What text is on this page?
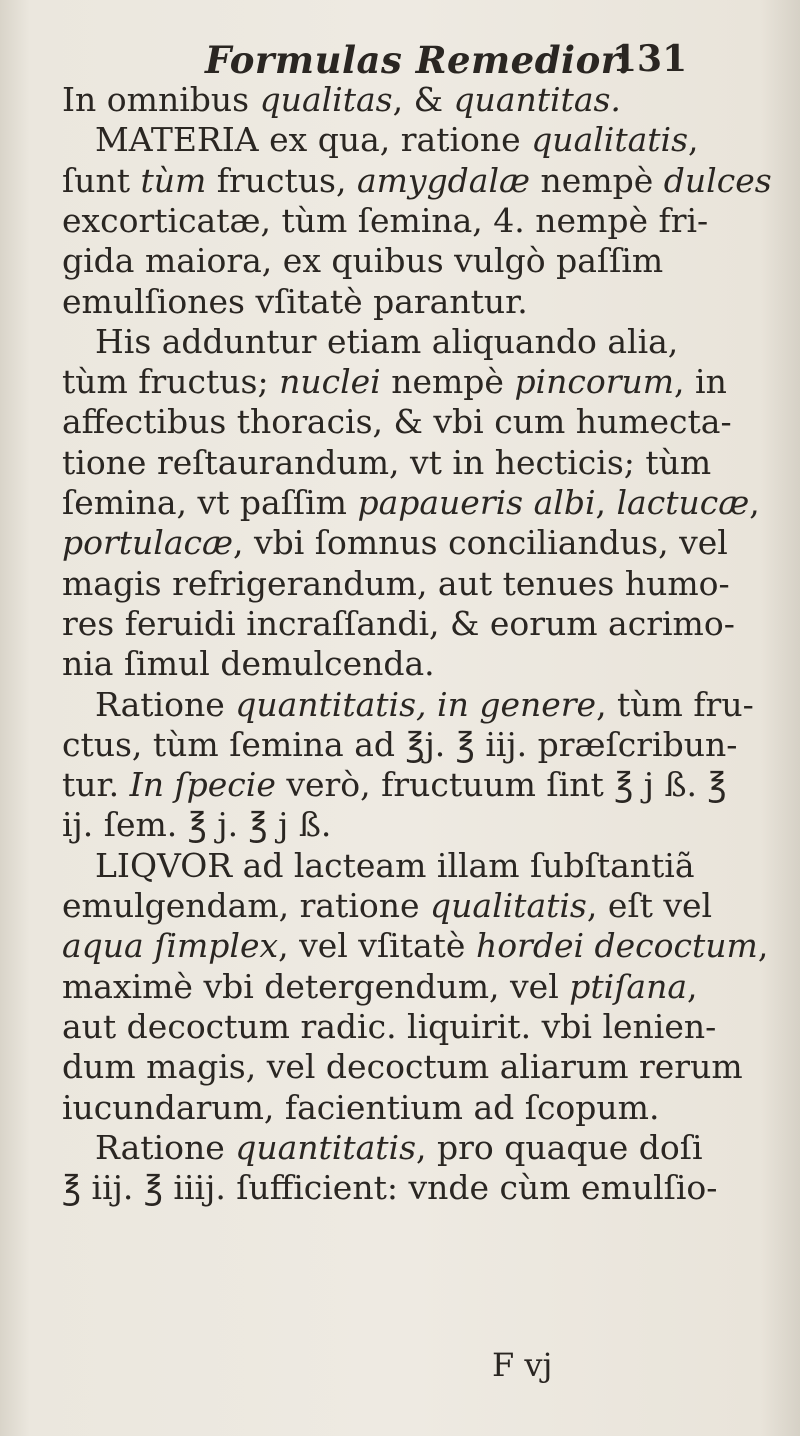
Formulas Remedior.
131
In omnibus qualitas, & quantitas.
MATERIA ex qua, ratione qualitatis,
ſunt tùm fructus, amygdalæ nempè dulces
excorticatæ, tùm ſemina, 4. nempè fri-
gida maiora, ex quibus vulgò paſſim
emulſiones vſitatè parantur.
His adduntur etiam aliquando alia,
tùm fructus; nuclei nempè pincorum, in
affectibus thoracis, & vbi cum humecta-
tione reſtaurandum, vt in hecticis; tùm
ſemina, vt paſſim papaueris albi, lactucæ,
portulacæ, vbi ſomnus conciliandus, vel
magis refrigerandum, aut tenues humo-
res feruidi incraſſandi, & eorum acrimo-
nia ſimul demulcenda.
Ratione quantitatis, in genere, tùm fru-
ctus, tùm ſemina ad ℥j. ℥ iij. præſcribun-
tur. In ſpecie verò, fructuum ſint ℥ j ß. ℥
ij. ſem. ℥ j. ℥ j ß.
LIQVOR ad lacteam illam ſubſtantiã
emulgendam, ratione qualitatis, eſt vel
aqua ſimplex, vel vſitatè hordei decoctum,
maximè vbi detergendum, vel ptiſana,
aut decoctum radic. liquirit. vbi lenien-
dum magis, vel decoctum aliarum rerum
iucundarum, facientium ad ſcopum.
Ratione quantitatis, pro quaque doſi
℥ iij. ℥ iiij. ſufficient: vnde cùm emulſio-
F vj
